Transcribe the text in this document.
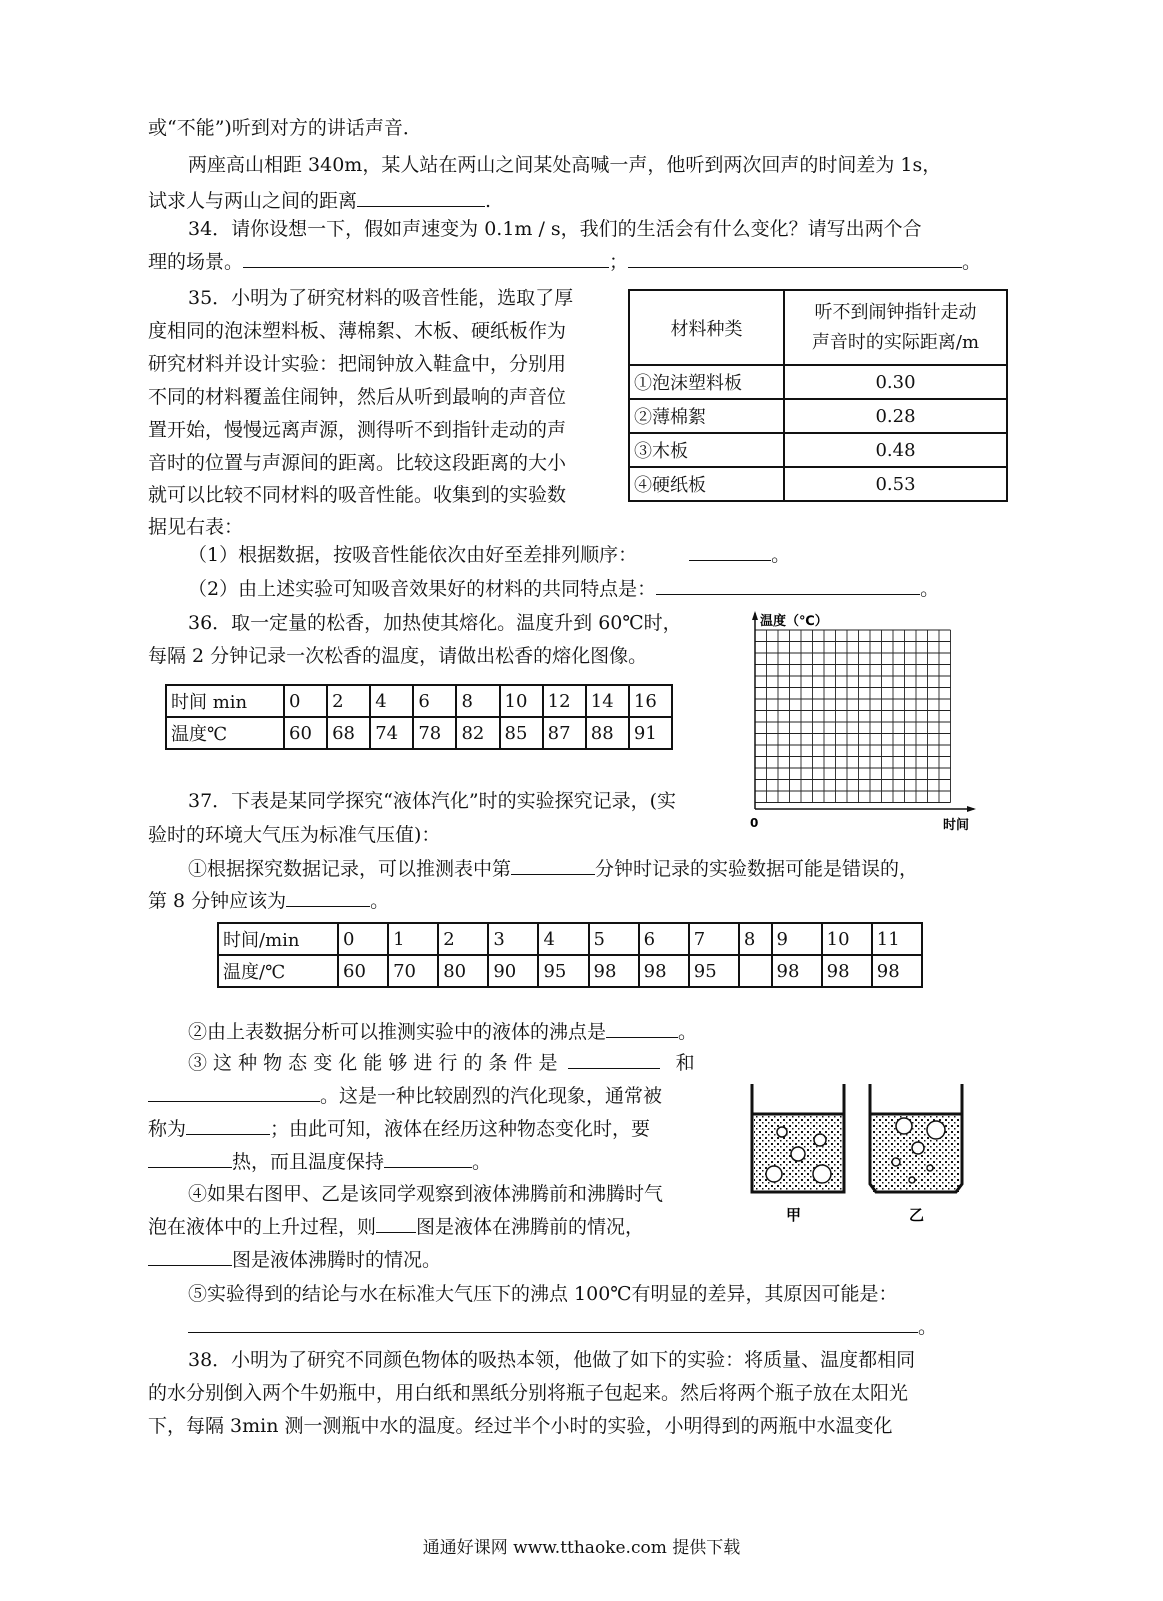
或“不能”)听到对方的讲话声音．
两座高山相距 340m，某人站在两山之间某处高喊一声，他听到两次回声的时间差为 1s，
试求人与两山之间的距离	.
34．请你设想一下，假如声速变为 0.1m / s，我们的生活会有什么变化？请写出两个合
理的场景。	；	。
35．小明为了研究材料的吸音性能，选取了厚
度相同的泡沫塑料板、薄棉絮、木板、硬纸板作为
研究材料并设计实验：把闹钟放入鞋盒中，分别用
不同的材料覆盖住闹钟，然后从听到最响的声音位
置开始，慢慢远离声源，测得听不到指针走动的声
音时的位置与声源间的距离。比较这段距离的大小
就可以比较不同材料的吸音性能。收集到的实验数
据见右表：
材料种类	听不到闹钟指针走动
声音时的实际距离/m

①泡沫塑料板	0.30
②薄棉絮	0.28
③木板	0.48
④硬纸板	0.53
（1）根据数据，按吸音性能依次由好至差排列顺序：	。
（2）由上述实验可知吸音效果好的材料的共同特点是：	。
36．取一定量的松香，加热使其熔化。温度升到 60℃时，
每隔 2 分钟记录一次松香的温度，请做出松香的熔化图像。
时间 min	0	2	4	6	8	10	12	14	16
温度℃	60	68	74	78	82	85	87	88	91
温度（℃）
0	时间
37．下表是某同学探究“液体汽化”时的实验探究记录，(实
验时的环境大气压为标准气压值)：
①根据探究数据记录，可以推测表中第	分钟时记录的实验数据可能是错误的，
第 8 分钟应该为	。
时间/min	0	1	2	3	4	5	6	7	8	9	10	11
温度/℃	60	70	80	90	95	98	98	95		98	98	98
②由上表数据分析可以推测实验中的液体的沸点是	。
③ 这 种 物 态 变 化 能 够 进 行 的 条 件 是	和
。这是一种比较剧烈的汽化现象，通常被
称为	；由此可知，液体在经历这种物态变化时，要
热，而且温度保持	。
④如果右图甲、乙是该同学观察到液体沸腾前和沸腾时气
泡在液体中的上升过程，则 图是液体在沸腾前的情况，
图是液体沸腾时的情况。
⑤实验得到的结论与水在标准大气压下的沸点 100℃有明显的差异，其原因可能是：
。
甲	乙
38．小明为了研究不同颜色物体的吸热本领，他做了如下的实验：将质量、温度都相同
的水分别倒入两个牛奶瓶中，用白纸和黑纸分别将瓶子包起来。然后将两个瓶子放在太阳光
下，每隔 3min 测一测瓶中水的温度。经过半个小时的实验，小明得到的两瓶中水温变化
通通好课网 www.tthaoke.com 提供下载
